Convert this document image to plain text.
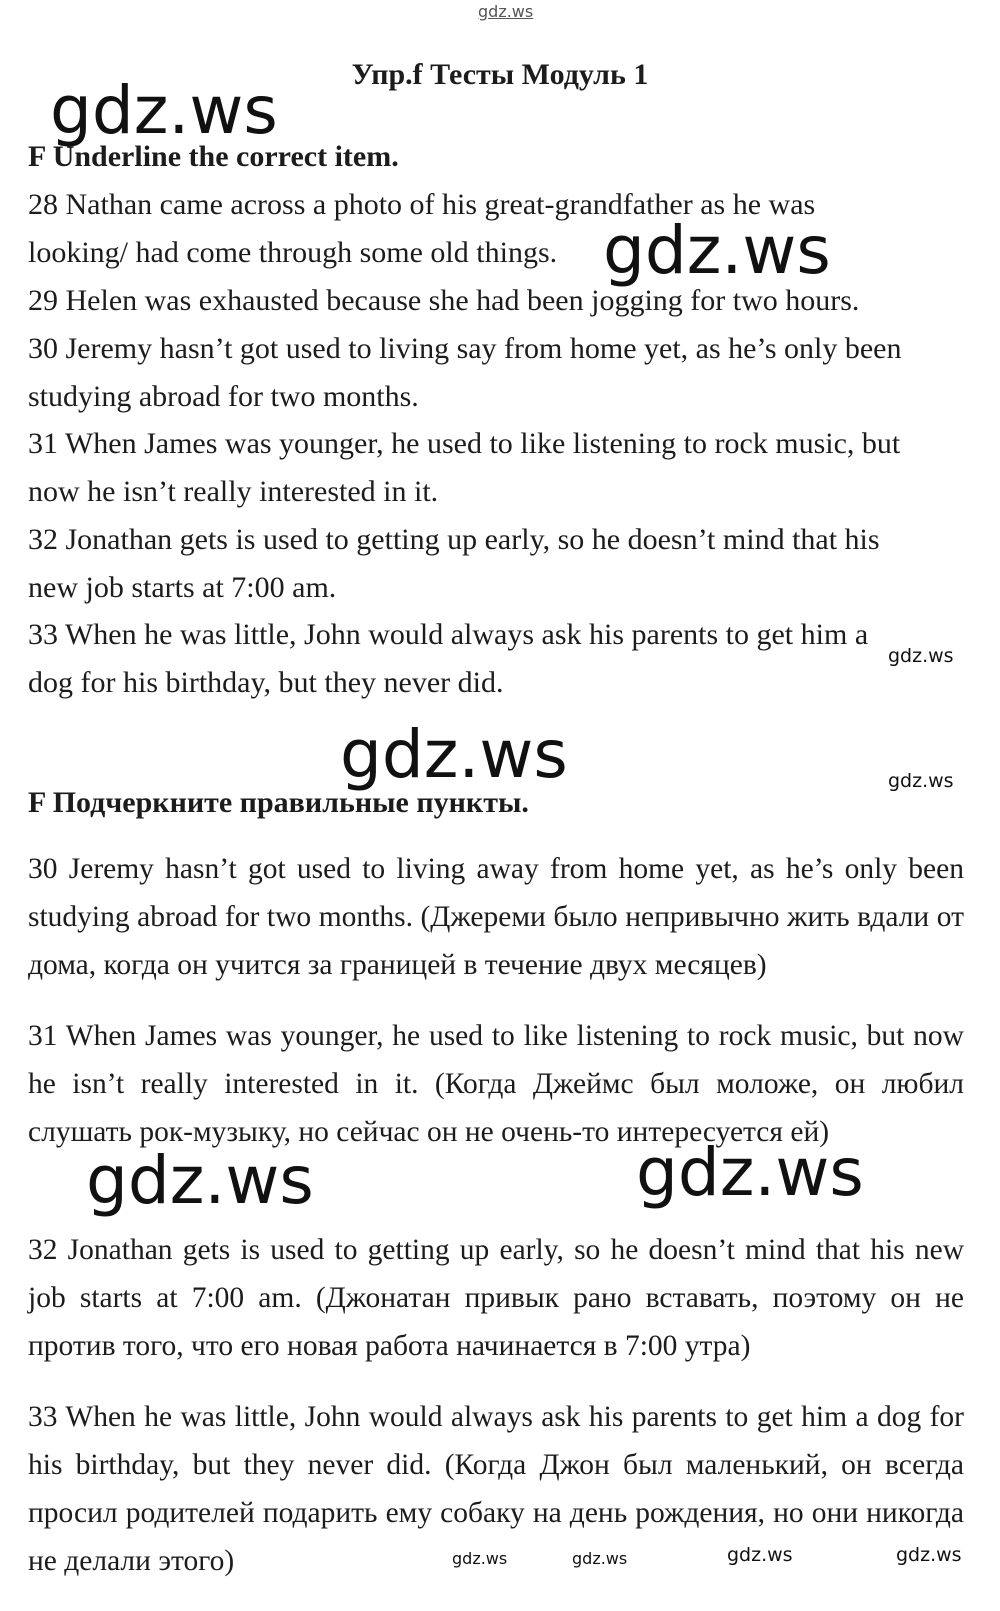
gdz.ws
Упр.f Тесты Модуль 1
gdz.ws
gdz.ws
gdz.ws
gdz.ws	gdz.ws
gdz.ws
gdz.ws
gdz.ws	gdz.ws	gdz.ws	gdz.ws
F Underline the correct item.

28 Nathan came across a photo of his great-grandfather as he was

looking/ had come through some old things.

29 Helen was exhausted because she had been jogging for two hours.

30 Jeremy hasn’t got used to living say from home yet, as he’s only been

studying abroad for two months.

31 When James was younger, he used to like listening to rock music, but

now he isn’t really interested in it.

32 Jonathan gets is used to getting up early, so he doesn’t mind that his

new job starts at 7:00 am.

33 When he was little, John would always ask his parents to get him a

dog for his birthday, but they never did.

F Подчеркните правильные пункты.

30 Jeremy hasn’t got used to living away from home yet, as he’s only been studying abroad for two months. (Джереми было непривычно жить вдали от дома, когда он учится за границей в течение двух месяцев)

31 When James was younger, he used to like listening to rock music, but now he isn’t really interested in it. (Когда Джеймс был моложе, он любил слушать рок-музыку, но сейчас он не очень-то интересуется ей)

32 Jonathan gets is used to getting up early, so he doesn’t mind that his new job starts at 7:00 am. (Джонатан привык рано вставать, поэтому он не против того, что его новая работа начинается в 7:00 утра)

33 When he was little, John would always ask his parents to get him a dog for his birthday, but they never did. (Когда Джон был маленький, он всегда просил родителей подарить ему собаку на день рождения, но они никогда не делали этого)
